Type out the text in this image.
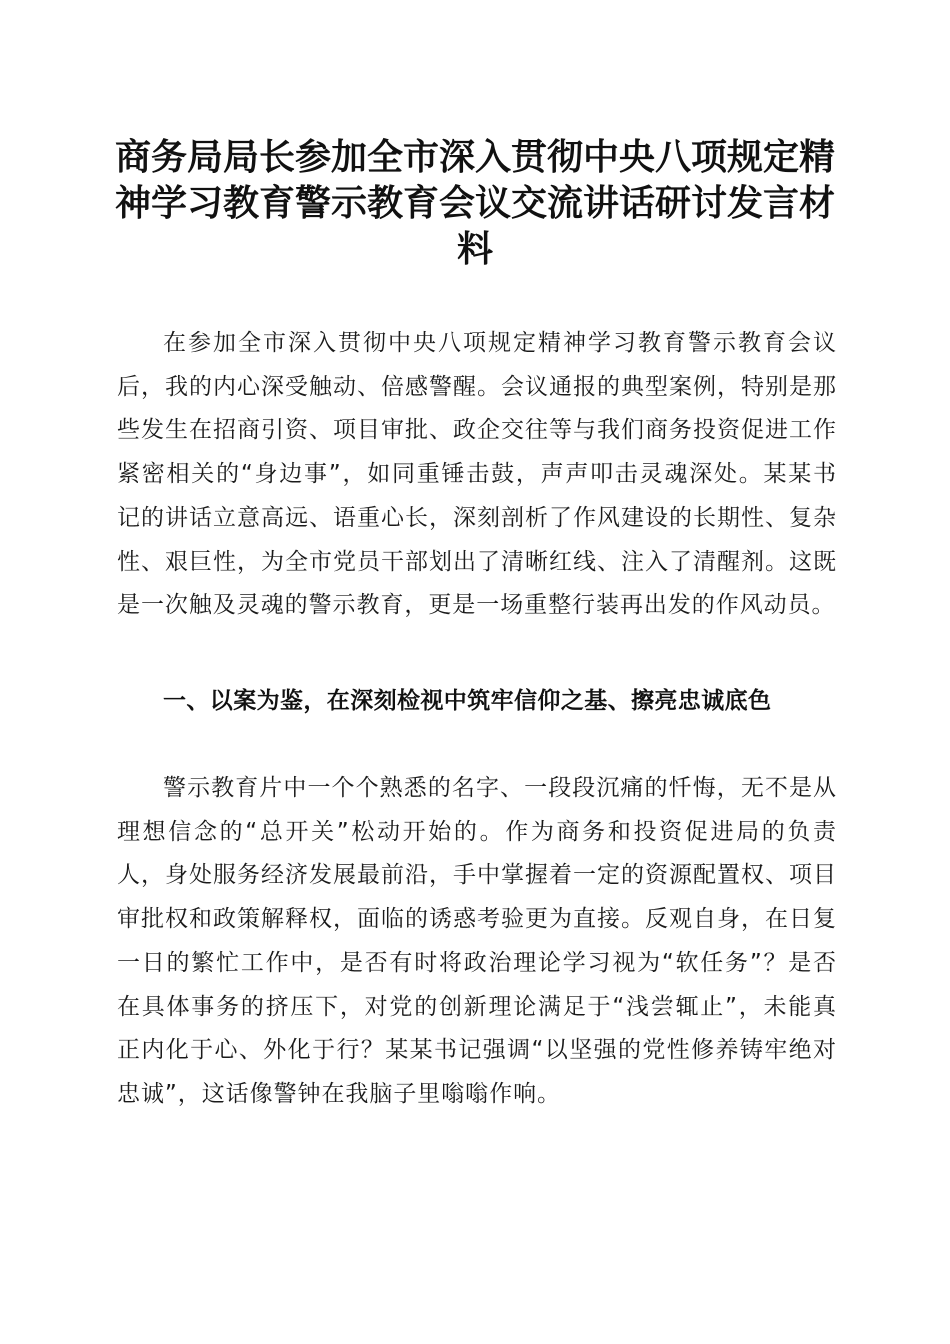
商务局局长参加全市深入贯彻中央八项规定精
神学习教育警示教育会议交流讲话研讨发言材
料

在参加全市深入贯彻中央八项规定精神学习教育警示教育会议后，我的内心深受触动、倍感警醒。会议通报的典型案例，特别是那些发生在招商引资、项目审批、政企交往等与我们商务投资促进工作紧密相关的“身边事”，如同重锤击鼓，声声叩击灵魂深处。某某书记的讲话立意高远、语重心长，深刻剖析了作风建设的长期性、复杂性、艰巨性，为全市党员干部划出了清晰红线、注入了清醒剂。这既是一次触及灵魂的警示教育，更是一场重整行装再出发的作风动员。

一、以案为鉴，在深刻检视中筑牢信仰之基、擦亮忠诚底色

警示教育片中一个个熟悉的名字、一段段沉痛的忏悔，无不是从理想信念的“总开关”松动开始的。作为商务和投资促进局的负责人，身处服务经济发展最前沿，手中掌握着一定的资源配置权、项目审批权和政策解释权，面临的诱惑考验更为直接。反观自身，在日复一日的繁忙工作中，是否有时将政治理论学习视为“软任务”？是否在具体事务的挤压下，对党的创新理论满足于“浅尝辄止”，未能真正内化于心、外化于行？某某书记强调“以坚强的党性修养铸牢绝对忠诚”，这话像警钟在我脑子里嗡嗡作响。
